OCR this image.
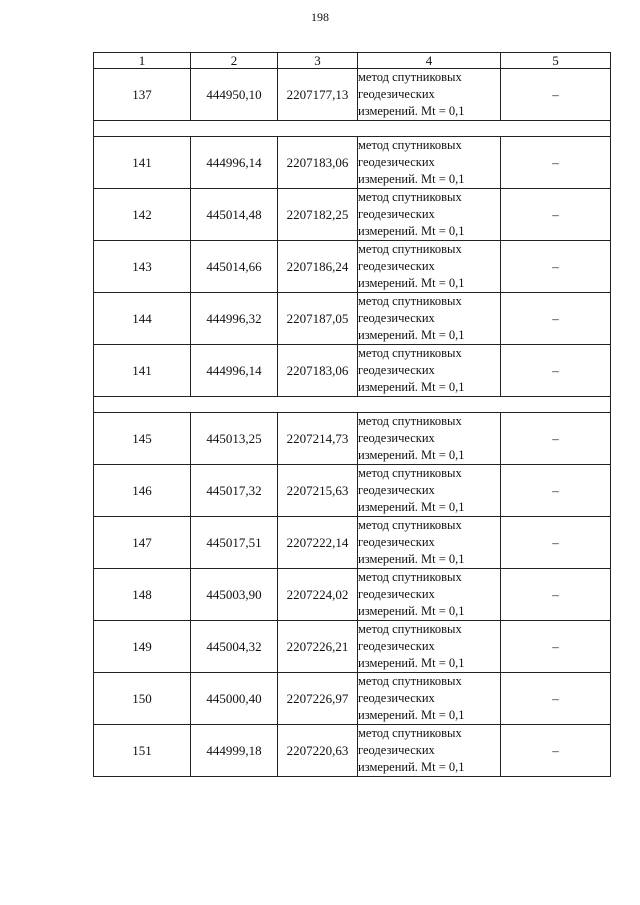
198
1	2	3	4	5
137	444950,10	2207177,13	метод спутниковых
геодезических
измерений. Mt = 0,1	–

141	444996,14	2207183,06	метод спутниковых
геодезических
измерений. Mt = 0,1	–
142	445014,48	2207182,25	метод спутниковых
геодезических
измерений. Mt = 0,1	–
143	445014,66	2207186,24	метод спутниковых
геодезических
измерений. Mt = 0,1	–
144	444996,32	2207187,05	метод спутниковых
геодезических
измерений. Mt = 0,1	–
141	444996,14	2207183,06	метод спутниковых
геодезических
измерений. Mt = 0,1	–

145	445013,25	2207214,73	метод спутниковых
геодезических
измерений. Mt = 0,1	–
146	445017,32	2207215,63	метод спутниковых
геодезических
измерений. Mt = 0,1	–
147	445017,51	2207222,14	метод спутниковых
геодезических
измерений. Mt = 0,1	–
148	445003,90	2207224,02	метод спутниковых
геодезических
измерений. Mt = 0,1	–
149	445004,32	2207226,21	метод спутниковых
геодезических
измерений. Mt = 0,1	–
150	445000,40	2207226,97	метод спутниковых
геодезических
измерений. Mt = 0,1	–
151	444999,18	2207220,63	метод спутниковых
геодезических
измерений. Mt = 0,1	–
